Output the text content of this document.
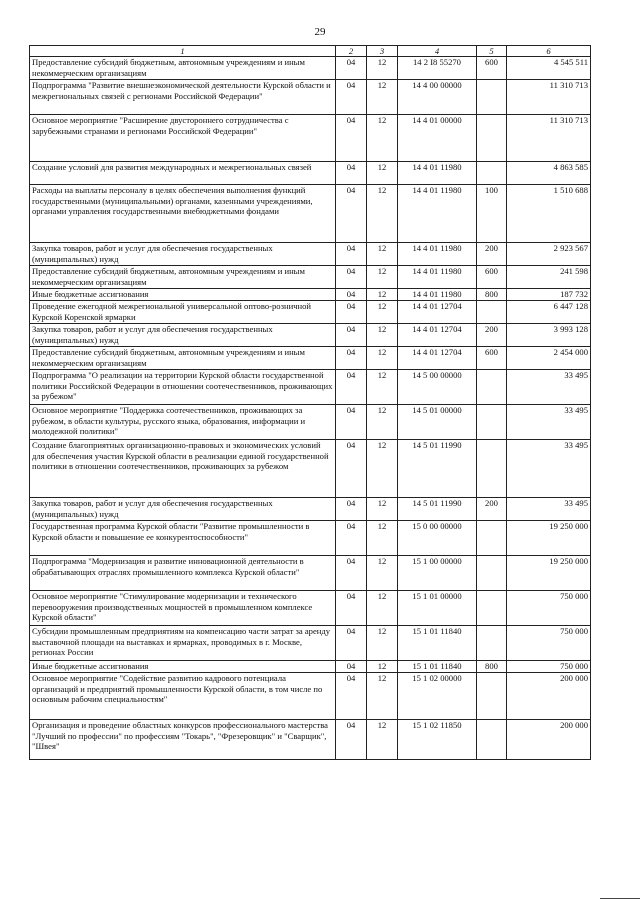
29
1	2	3	4	5	6
Предоставление субсидий бюджетным, автономным учреждениям и иным некоммерческим организациям	04	12	14 2 I8 55270	600	4 545 511
Подпрограмма "Развитие внешнеэкономической деятельности Курской области и межрегиональных связей с регионами Российской Федерации"	04	12	14 4 00 00000		11 310 713
Основное мероприятие "Расширение двустороннего сотрудничества с зарубежными странами и регионами Российской Федерации"	04	12	14 4 01 00000		11 310 713
Создание условий для развития международных и межрегиональных связей	04	12	14 4 01 11980		4 863 585
Расходы на выплаты персоналу в целях обеспечения выполнения функций государственными (муниципальными) органами, казенными учреждениями, органами управления государственными внебюджетными фондами	04	12	14 4 01 11980	100	1 510 688
Закупка товаров, работ и услуг для обеспечения государственных (муниципальных) нужд	04	12	14 4 01 11980	200	2 923 567
Предоставление субсидий бюджетным, автономным учреждениям и иным некоммерческим организациям	04	12	14 4 01 11980	600	241 598
Иные бюджетные ассигнования	04	12	14 4 01 11980	800	187 732
Проведение ежегодной межрегиональной универсальной оптово-розничной Курской Коренской ярмарки	04	12	14 4 01 12704		6 447 128
Закупка товаров, работ и услуг для обеспечения государственных (муниципальных) нужд	04	12	14 4 01 12704	200	3 993 128
Предоставление субсидий бюджетным, автономным учреждениям и иным некоммерческим организациям	04	12	14 4 01 12704	600	2 454 000
Подпрограмма "О реализации на территории Курской области государственной политики Российской Федерации в отношении соотечественников, проживающих за рубежом"	04	12	14 5 00 00000		33 495
Основное мероприятие "Поддержка соотечественников, проживающих за рубежом, в области культуры, русского языка, образования, информации и молодежной политики"	04	12	14 5 01 00000		33 495
Создание благоприятных организационно-правовых и экономических условий для обеспечения участия Курской области в реализации единой государственной политики в отношении соотечественников, проживающих за рубежом	04	12	14 5 01 11990		33 495
Закупка товаров, работ и услуг для обеспечения государственных (муниципальных) нужд	04	12	14 5 01 11990	200	33 495
Государственная программа Курской области "Развитие промышленности в Курской области и повышение ее конкурентоспособности"	04	12	15 0 00 00000		19 250 000
Подпрограмма "Модернизация и развитие инновационной деятельности в обрабатывающих отраслях промышленного комплекса Курской области"	04	12	15 1 00 00000		19 250 000
Основное мероприятие "Стимулирование модернизации и технического перевооружения производственных мощностей в промышленном комплексе Курской области"	04	12	15 1 01 00000		750 000
Субсидии промышленным предприятиям на компенсацию части затрат за аренду выставочной площади на выставках и ярмарках, проводимых в г. Москве, регионах России	04	12	15 1 01 11840		750 000
Иные бюджетные ассигнования	04	12	15 1 01 11840	800	750 000
Основное мероприятие "Содействие развитию кадрового потенциала организаций и предприятий промышленности Курской области, в том числе по основным рабочим специальностям"	04	12	15 1 02 00000		200 000
Организация и проведение областных конкурсов профессионального мастерства "Лучший по профессии" по профессиям "Токарь", "Фрезеровщик" и "Сварщик", "Швея"	04	12	15 1 02 11850		200 000
